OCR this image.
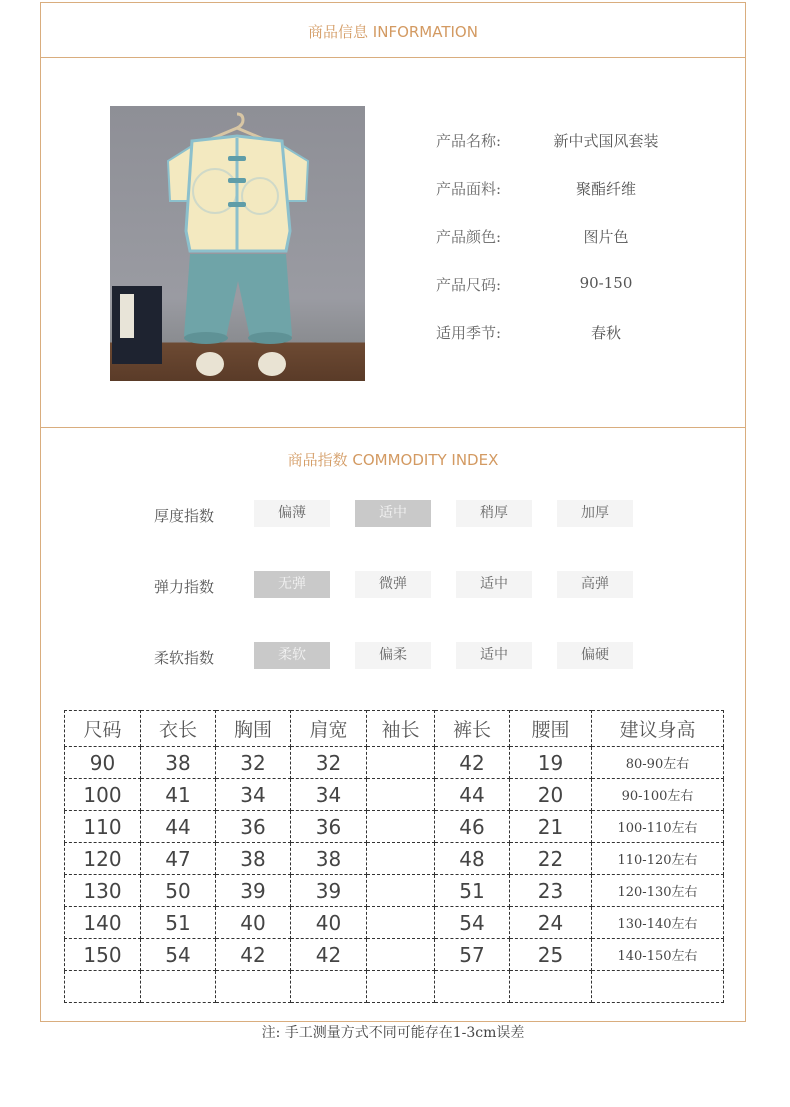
商品信息 INFORMATION
产品名称:	新中式国风套装
产品面料:	聚酯纤维
产品颜色:	图片色
产品尺码:	90-150
适用季节:	春秋
商品指数 COMMODITY INDEX
厚度指数	偏薄	适中	稍厚	加厚
弹力指数	无弹	微弹	适中	高弹
柔软指数	柔软	偏柔	适中	偏硬
尺码	衣长	胸围	肩宽	袖长	裤长	腰围	建议身高
90	38	32	32		42	19	80-90左右
100	41	34	34		44	20	90-100左右
110	44	36	36		46	21	100-110左右
120	47	38	38		48	22	110-120左右
130	50	39	39		51	23	120-130左右
140	51	40	40		54	24	130-140左右
150	54	42	42		57	25	140-150左右

注: 手工测量方式不同可能存在1-3cm误差
